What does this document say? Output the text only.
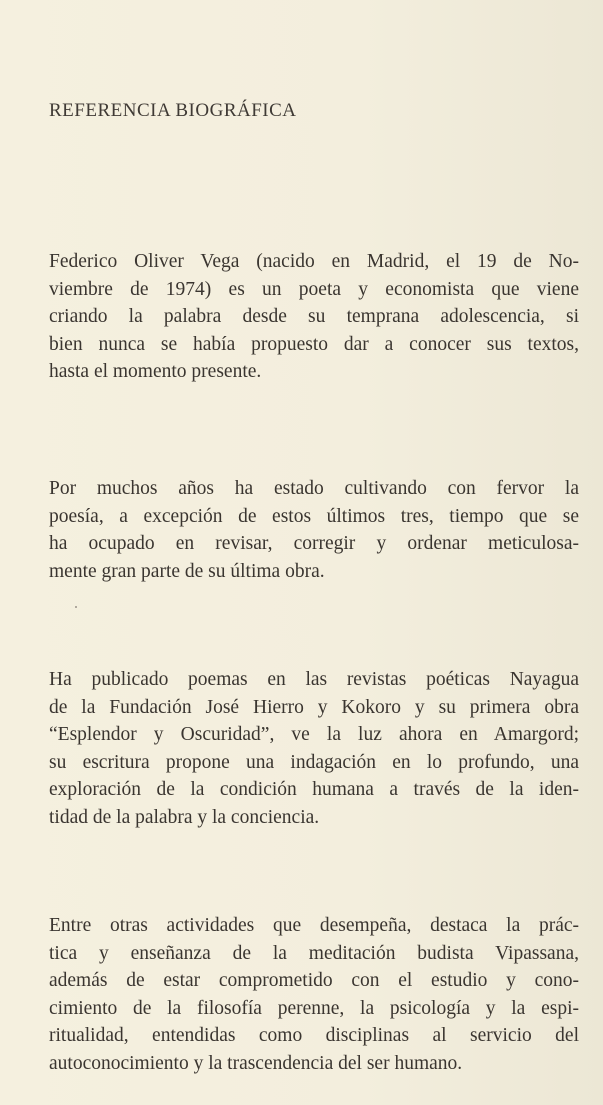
REFERENCIA BIOGRÁFICA
Federico Oliver Vega (nacido en Madrid, el 19 de No-
viembre de 1974) es un poeta y economista que viene
criando la palabra desde su temprana adolescencia, si
bien nunca se había propuesto dar a conocer sus textos,
hasta el momento presente.
Por muchos años ha estado cultivando con fervor la
poesía, a excepción de estos últimos tres, tiempo que se
ha ocupado en revisar, corregir y ordenar meticulosa-
mente gran parte de su última obra.
Ha publicado poemas en las revistas poéticas Nayagua
de la Fundación José Hierro y Kokoro y su primera obra
“Esplendor y Oscuridad”, ve la luz ahora en Amargord;
su escritura propone una indagación en lo profundo, una
exploración de la condición humana a través de la iden-
tidad de la palabra y la conciencia.
Entre otras actividades que desempeña, destaca la prác-
tica y enseñanza de la meditación budista Vipassana,
además de estar comprometido con el estudio y cono-
cimiento de la filosofía perenne, la psicología y la espi-
ritualidad, entendidas como disciplinas al servicio del
autoconocimiento y la trascendencia del ser humano.
